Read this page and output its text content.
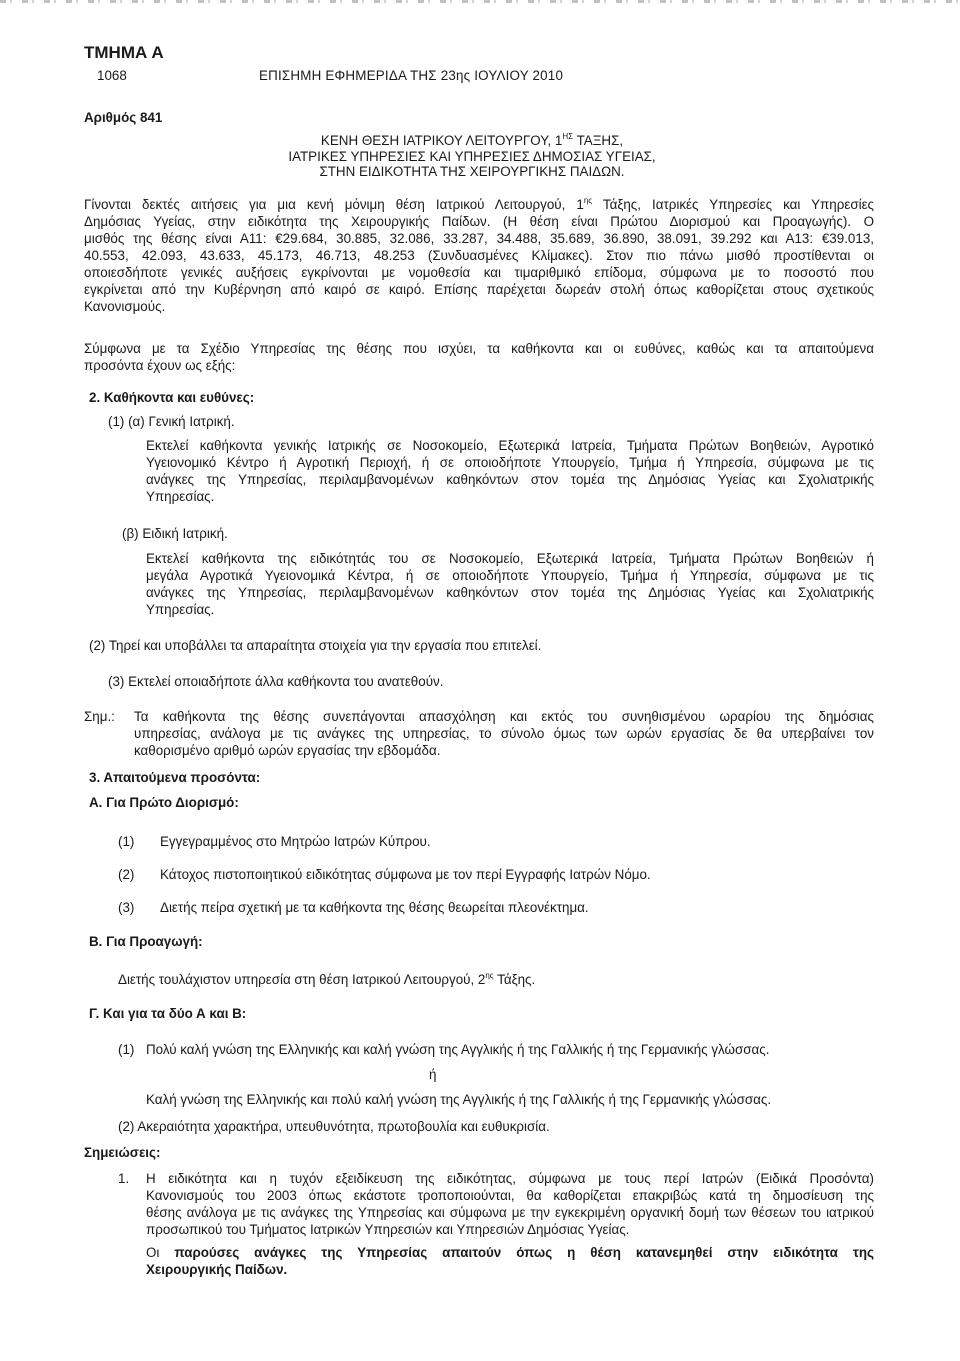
ΤΜΗΜΑ Α
1068	ΕΠΙΣΗΜΗ ΕΦΗΜΕΡΙΔΑ ΤΗΣ 23ης ΙΟΥΛΙΟΥ 2010
Αριθμός 841
ΚΕΝΗ ΘΕΣΗ ΙΑΤΡΙΚΟΥ ΛΕΙΤΟΥΡΓΟΥ, $1^{H\Sigma}$ ΤΑΞΗΣ,
ΙΑΤΡΙΚΕΣ ΥΠΗΡΕΣΙΕΣ ΚΑΙ ΥΠΗΡΕΣΙΕΣ ΔΗΜΟΣΙΑΣ ΥΓΕΙΑΣ,
ΣΤΗΝ ΕΙΔΙΚΟΤΗΤΑ ΤΗΣ ΧΕΙΡΟΥΡΓΙΚΗΣ ΠΑΙΔΩΝ.
Γίνονται δεκτές αιτήσεις για μια κενή μόνιμη θέση Ιατρικού Λειτουργού, $1^{\eta\varsigma}$ Τάξης, Ιατρικές Υπηρεσίες και Υπηρεσίες
Δημόσιας Υγείας, στην ειδικότητα της Χειρουργικής Παίδων. (Η θέση είναι Πρώτου Διορισμού και Προαγωγής). Ο
μισθός της θέσης είναι Α11: €29.684, 30.885, 32.086, 33.287, 34.488, 35.689, 36.890, 38.091, 39.292 και Α13: €39.013,
40.553, 42.093, 43.633, 45.173, 46.713, 48.253 (Συνδυασμένες Κλίμακες). Στον πιο πάνω μισθό προστίθενται οι
οποιεσδήποτε γενικές αυξήσεις εγκρίνονται με νομοθεσία και τιμαριθμικό επίδομα, σύμφωνα με το ποσοστό που
εγκρίνεται από την Κυβέρνηση από καιρό σε καιρό. Επίσης παρέχεται δωρεάν στολή όπως καθορίζεται στους σχετικούς
Κανονισμούς.
Σύμφωνα με τα Σχέδιο Υπηρεσίας της θέσης που ισχύει, τα καθήκοντα και οι ευθύνες, καθώς και τα απαιτούμενα
προσόντα έχουν ως εξής:
2. Καθήκοντα και ευθύνες:
(1) (α) Γενική Ιατρική.
Εκτελεί καθήκοντα γενικής Ιατρικής σε Νοσοκομείο, Εξωτερικά Ιατρεία, Τμήματα Πρώτων Βοηθειών, Αγροτικό
Υγειονομικό Κέντρο ή Αγροτική Περιοχή, ή σε οποιοδήποτε Υπουργείο, Τμήμα ή Υπηρεσία, σύμφωνα με τις
ανάγκες της Υπηρεσίας, περιλαμβανομένων καθηκόντων στον τομέα της Δημόσιας Υγείας και Σχολιατρικής
Υπηρεσίας.
(β) Ειδική Ιατρική.
Εκτελεί καθήκοντα της ειδικότητάς του σε Νοσοκομείο, Εξωτερικά Ιατρεία, Τμήματα Πρώτων Βοηθειών ή
μεγάλα Αγροτικά Υγειονομικά Κέντρα, ή σε οποιοδήποτε Υπουργείο, Τμήμα ή Υπηρεσία, σύμφωνα με τις
ανάγκες της Υπηρεσίας, περιλαμβανομένων καθηκόντων στον τομέα της Δημόσιας Υγείας και Σχολιατρικής
Υπηρεσίας.
(2) Τηρεί και υποβάλλει τα απαραίτητα στοιχεία για την εργασία που επιτελεί.
(3) Εκτελεί οποιαδήποτε άλλα καθήκοντα του ανατεθούν.
Σημ.: Τα καθήκοντα της θέσης συνεπάγονται απασχόληση και εκτός του συνηθισμένου ωραρίου της δημόσιας
υπηρεσίας, ανάλογα με τις ανάγκες της υπηρεσίας, το σύνολο όμως των ωρών εργασίας δε θα υπερβαίνει τον
καθορισμένο αριθμό ωρών εργασίας την εβδομάδα.
3. Απαιτούμενα προσόντα:
Α. Για Πρώτο Διορισμό:
(1) Εγγεγραμμένος στο Μητρώο Ιατρών Κύπρου.
(2) Κάτοχος πιστοποιητικού ειδικότητας σύμφωνα με τον περί Εγγραφής Ιατρών Νόμο.
(3) Διετής πείρα σχετική με τα καθήκοντα της θέσης θεωρείται πλεονέκτημα.
Β. Για Προαγωγή:
Διετής τουλάχιστον υπηρεσία στη θέση Ιατρικού Λειτουργού, $2^{\eta\varsigma}$ Τάξης.
Γ. Και για τα δύο Α και Β:
(1) Πολύ καλή γνώση της Ελληνικής και καλή γνώση της Αγγλικής ή της Γαλλικής ή της Γερμανικής γλώσσας.
ή
Καλή γνώση της Ελληνικής και πολύ καλή γνώση της Αγγλικής ή της Γαλλικής ή της Γερμανικής γλώσσας.
(2) Ακεραιότητα χαρακτήρα, υπευθυνότητα, πρωτοβουλία και ευθυκρισία.
Σημειώσεις:
1. Η ειδικότητα και η τυχόν εξειδίκευση της ειδικότητας, σύμφωνα με τους περί Ιατρών (Ειδικά Προσόντα)
Κανονισμούς του 2003 όπως εκάστοτε τροποποιούνται, θα καθορίζεται επακριβώς κατά τη δημοσίευση της
θέσης ανάλογα με τις ανάγκες της Υπηρεσίας και σύμφωνα με την εγκεκριμένη οργανική δομή των θέσεων του ιατρικού
προσωπικού του Τμήματος Ιατρικών Υπηρεσιών και Υπηρεσιών Δημόσιας Υγείας.
Οι παρούσες ανάγκες της Υπηρεσίας απαιτούν όπως η θέση κατανεμηθεί στην ειδικότητα της
Χειρουργικής Παίδων.
